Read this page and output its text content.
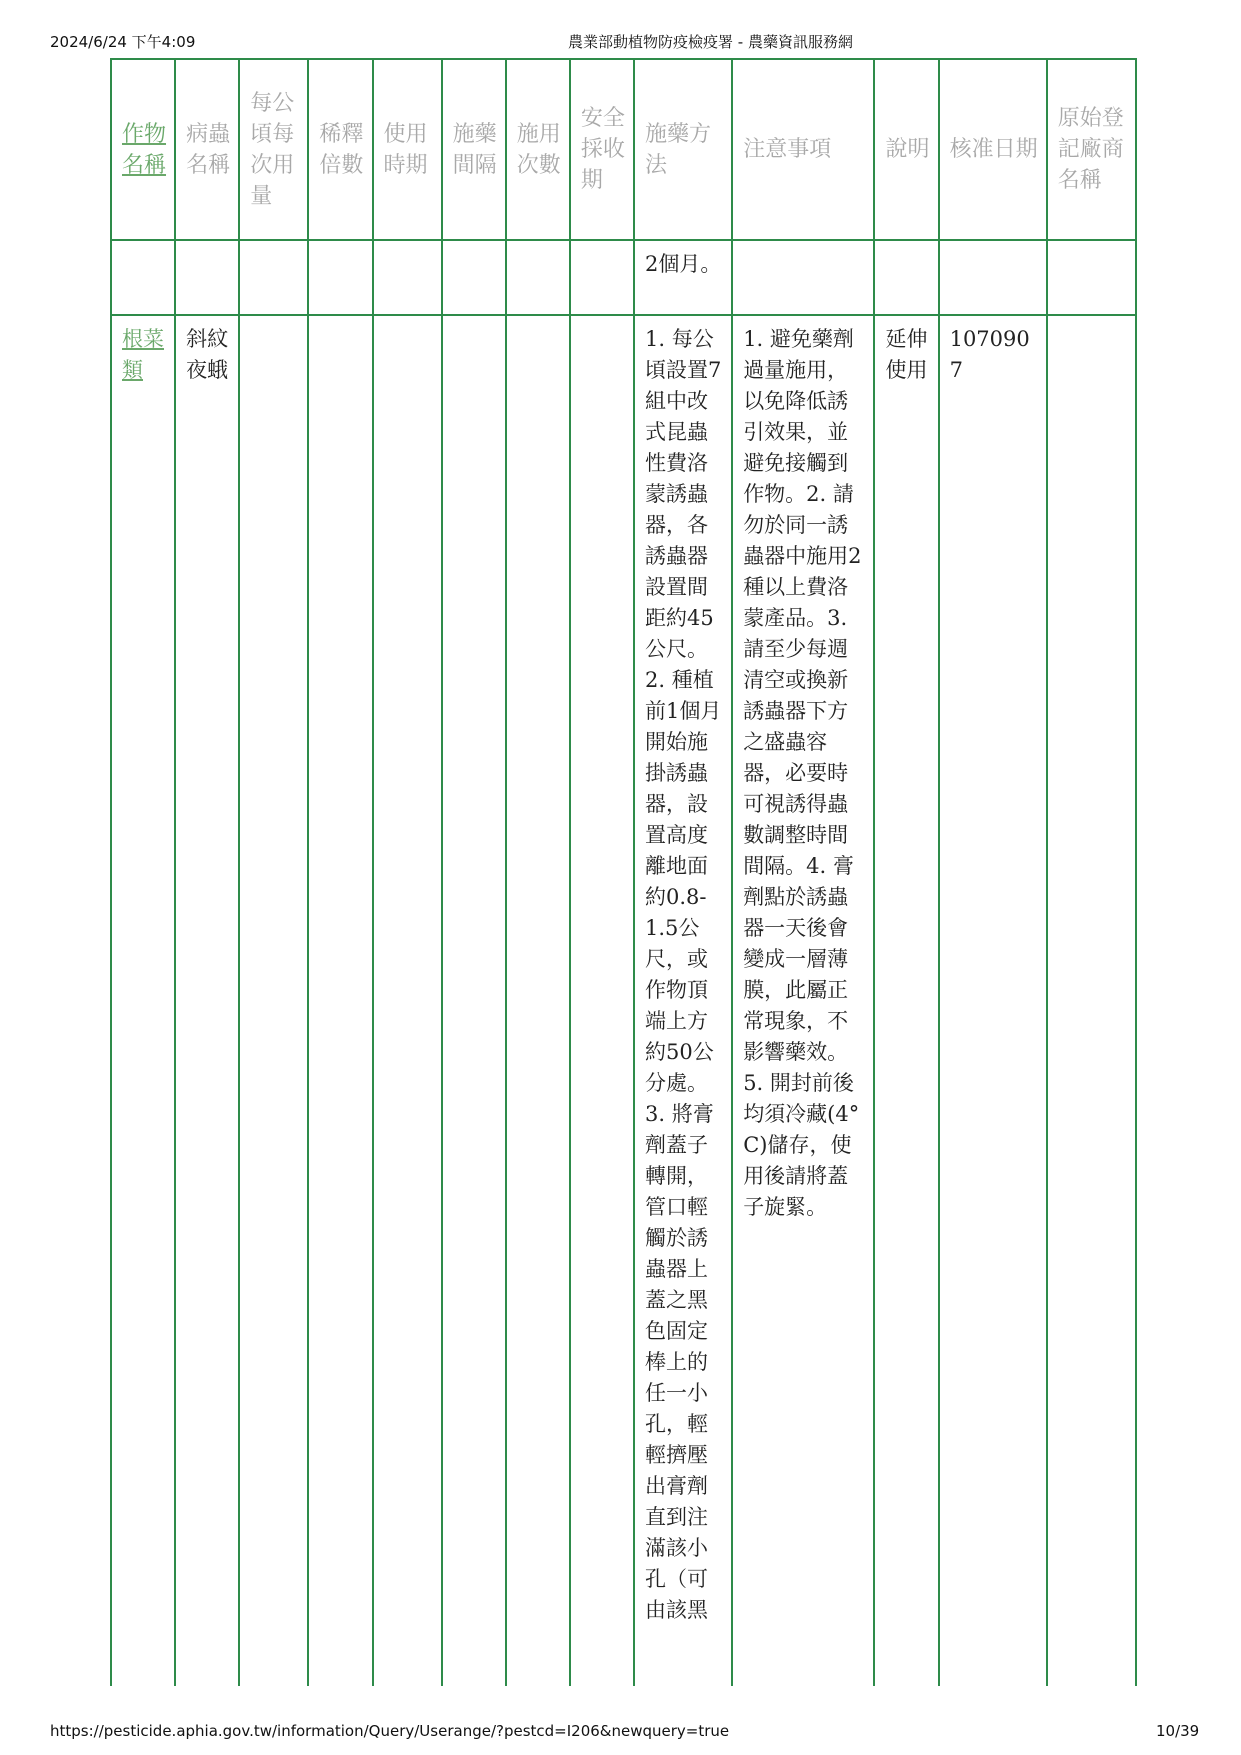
2024/6/24 下午4:09	農業部動植物防疫檢疫署 - 農藥資訊服務網
作物名稱	病蟲名稱	每公頃每次用量	稀釋倍數	使用時期	施藥間隔	施用次數	安全採收期	施藥方法	注意事項	說明	核准日期	原始登記廠商名稱

								2個月。				

根菜類	斜紋夜蛾							1. 每公頃設置7組中改式昆蟲性費洛蒙誘蟲器，各誘蟲器設置間距約45公尺。2. 種植前1個月開始施掛誘蟲器，設置高度離地面約0.8-1.5公尺，或作物頂端上方約50公分處。3. 將膏劑蓋子轉開，管口輕觸於誘蟲器上蓋之黑色固定棒上的任一小孔，輕輕擠壓出膏劑直到注滿該小孔（可由該黑	1. 避免藥劑過量施用，以免降低誘引效果，並避免接觸到作物。2. 請勿於同一誘蟲器中施用2種以上費洛蒙產品。3. 請至少每週清空或換新誘蟲器下方之盛蟲容器，必要時可視誘得蟲數調整時間間隔。4. 膏劑點於誘蟲器一天後會變成一層薄膜，此屬正常現象，不影響藥效。5. 開封前後均須冷藏(4°C)儲存，使用後請將蓋子旋緊。	延伸使用	1070907	

https://pesticide.aphia.gov.tw/information/Query/Userange/?pestcd=I206&newquery=true	10/39
